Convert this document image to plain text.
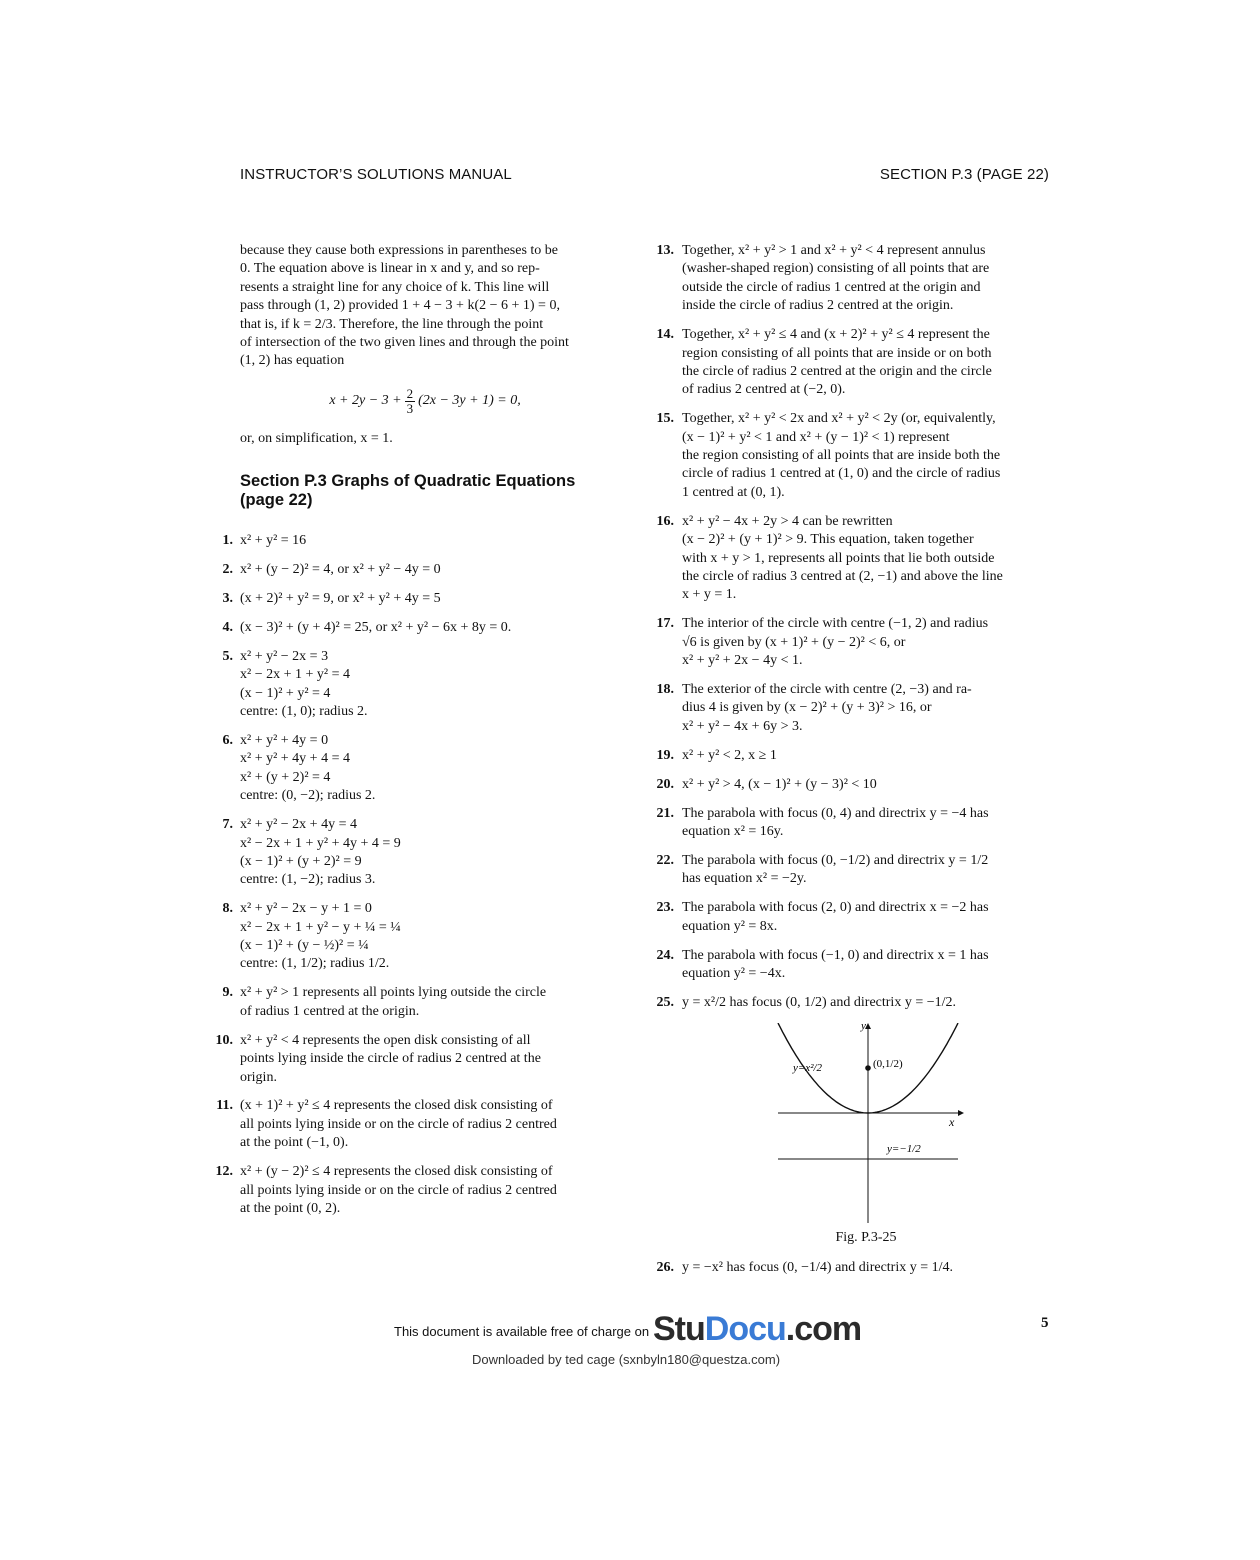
INSTRUCTOR’S SOLUTIONS MANUAL	SECTION P.3 (PAGE 22)

because they cause both expressions in parentheses to be
0. The equation above is linear in x and y, and so rep-
resents a straight line for any choice of k. This line will
pass through (1, 2) provided 1 + 4 − 3 + k(2 − 6 + 1) = 0,
that is, if k = 2/3. Therefore, the line through the point
of intersection of the two given lines and through the point
(1, 2) has equation

$x + 2y - 3 + \frac{2}{3} (2x - 3y + 1) = 0$,

or, on simplification, x = 1.

Section P.3 Graphs of Quadratic Equations
(page 22)
1. x² + y² = 16
2. x² + (y − 2)² = 4, or x² + y² − 4y = 0
3. (x + 2)² + y² = 9, or x² + y² + 4y = 5
4. (x − 3)² + (y + 4)² = 25, or x² + y² − 6x + 8y = 0.
5. x² + y² − 2x = 3
x² − 2x + 1 + y² = 4
(x − 1)² + y² = 4
centre: (1, 0); radius 2.
6. x² + y² + 4y = 0
x² + y² + 4y + 4 = 4
x² + (y + 2)² = 4
centre: (0, −2); radius 2.
7. x² + y² − 2x + 4y = 4
x² − 2x + 1 + y² + 4y + 4 = 9
(x − 1)² + (y + 2)² = 9
centre: (1, −2); radius 3.
8. x² + y² − 2x − y + 1 = 0
x² − 2x + 1 + y² − y + ¼ = ¼
(x − 1)² + (y − ½)² = ¼
centre: (1, 1/2); radius 1/2.
9. x² + y² > 1 represents all points lying outside the circle
of radius 1 centred at the origin.
10. x² + y² < 4 represents the open disk consisting of all
points lying inside the circle of radius 2 centred at the
origin.
11. (x + 1)² + y² ≤ 4 represents the closed disk consisting of
all points lying inside or on the circle of radius 2 centred
at the point (−1, 0).
12. x² + (y − 2)² ≤ 4 represents the closed disk consisting of
all points lying inside or on the circle of radius 2 centred
at the point (0, 2).
13. Together, x² + y² > 1 and x² + y² < 4 represent annulus
(washer-shaped region) consisting of all points that are
outside the circle of radius 1 centred at the origin and
inside the circle of radius 2 centred at the origin.
14. Together, x² + y² ≤ 4 and (x + 2)² + y² ≤ 4 represent the
region consisting of all points that are inside or on both
the circle of radius 2 centred at the origin and the circle
of radius 2 centred at (−2, 0).
15. Together, x² + y² < 2x and x² + y² < 2y (or, equivalently,
(x − 1)² + y² < 1 and x² + (y − 1)² < 1) represent
the region consisting of all points that are inside both the
circle of radius 1 centred at (1, 0) and the circle of radius
1 centred at (0, 1).
16. x² + y² − 4x + 2y > 4 can be rewritten
(x − 2)² + (y + 1)² > 9. This equation, taken together
with x + y > 1, represents all points that lie both outside
the circle of radius 3 centred at (2, −1) and above the line
x + y = 1.
17. The interior of the circle with centre (−1, 2) and radius
√6 is given by (x + 1)² + (y − 2)² < 6, or
x² + y² + 2x − 4y < 1.
18. The exterior of the circle with centre (2, −3) and ra-
dius 4 is given by (x − 2)² + (y + 3)² > 16, or
x² + y² − 4x + 6y > 3.
19. x² + y² < 2, x ≥ 1
20. x² + y² > 4, (x − 1)² + (y − 3)² < 10
21. The parabola with focus (0, 4) and directrix y = −4 has
equation x² = 16y.
22. The parabola with focus (0, −1/2) and directrix y = 1/2
has equation x² = −2y.
23. The parabola with focus (2, 0) and directrix x = −2 has
equation y² = 8x.
24. The parabola with focus (−1, 0) and directrix x = 1 has
equation y² = −4x.
25. y = x²/2 has focus (0, 1/2) and directrix y = −1/2.
y
x
y=x²/2	(0,1/2)
y=−1/2
Fig. P.3-25
26. y = −x² has focus (0, −1/4) and directrix y = 1/4.
This document is available free of charge on StuDocu.com	5
Downloaded by ted cage (sxnbyln180@questza.com)
